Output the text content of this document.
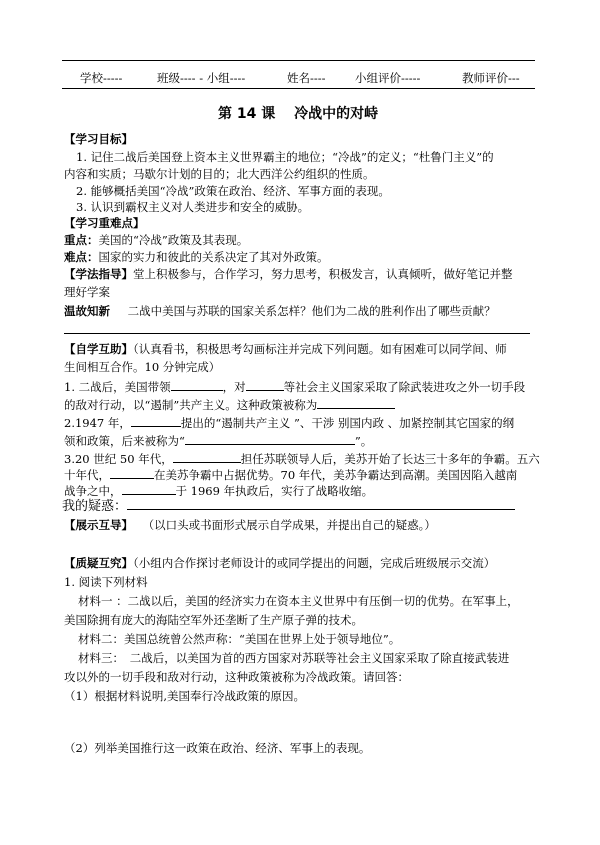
学校-----	班级---- - 小组----	姓名----	小组评价-----	教师评价---
第 14 课　 冷战中的对峙
【学习目标】
1. 记住二战后美国登上资本主义世界霸主的地位；“冷战”的定义；“杜鲁门主义”的
内容和实质；马歇尔计划的目的；北大西洋公约组织的性质。
2. 能够概括美国“冷战”政策在政治、经济、军事方面的表现。
3. 认识到霸权主义对人类进步和安全的威胁。
【学习重难点】
重点：美国的“冷战”政策及其表现。
难点：国家的实力和彼此的关系决定了其对外政策。
【学法指导】堂上积极参与，合作学习，努力思考，积极发言，认真倾听，做好笔记并整
理好学案
温故知新 二战中美国与苏联的国家关系怎样？他们为二战的胜利作出了哪些贡献？
【自学互助】（认真看书，积极思考勾画标注并完成下列问题。如有困难可以同学间、师
生间相互合作。10 分钟完成）
1. 二战后，美国带领	，对	等社会主义国家采取了除武装进攻之外一切手段
的敌对行动，以“遏制”共产主义。这种政策被称为
2.1947 年，	提出的“遏制共产主义 ”、干涉 别国内政 、加紧控制其它国家的纲
领和政策，后来被称为“	”。
3.20 世纪 50 年代，	担任苏联领导人后，美苏开始了长达三十多年的争霸。五六
十年代，	在美苏争霸中占据优势。70 年代，美苏争霸达到高潮。美国因陷入越南
战争之中，	于 1969 年执政后，实行了战略收缩。
我的疑惑：
【展示互导】 （以口头或书面形式展示自学成果，并提出自己的疑惑。）
【质疑互究】（小组内合作探讨老师设计的或同学提出的问题，完成后班级展示交流）
1. 阅读下列材料
材料一 ：二战以后，美国的经济实力在资本主义世界中有压倒一切的优势。在军事上，
美国除拥有庞大的海陆空军外还垄断了生产原子弹的技术。
材料二：美国总统曾公然声称：“美国在世界上处于领导地位”。
材料三：　二战后，以美国为首的西方国家对苏联等社会主义国家采取了除直接武装进
攻以外的一切手段和敌对行动，这种政策被称为冷战政策。请回答：
（1）根据材料说明,美国奉行冷战政策的原因。
（2）列举美国推行这一政策在政治、经济、军事上的表现。
